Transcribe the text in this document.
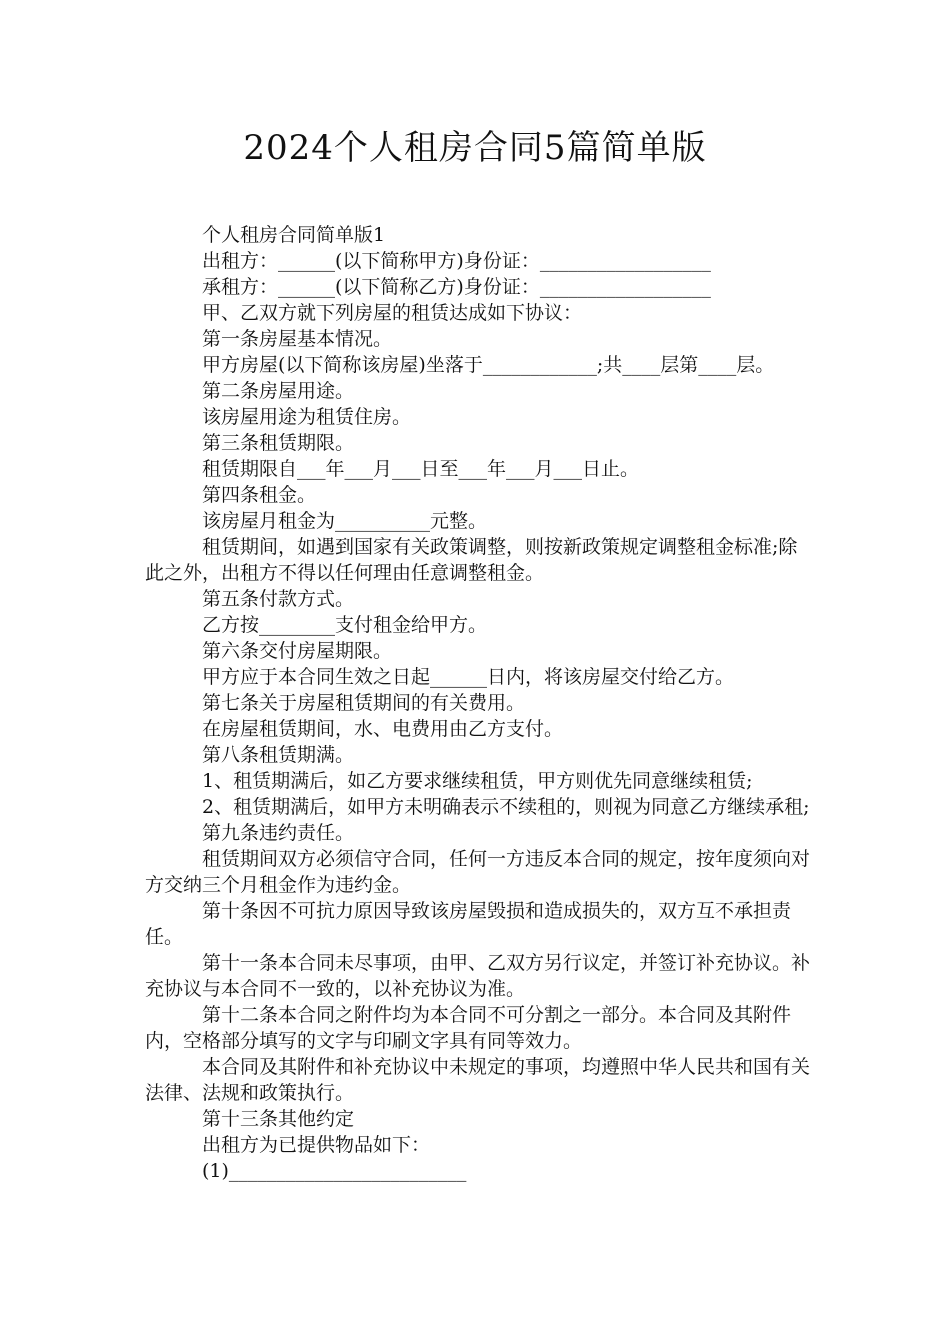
2024个人租房合同5篇简单版

个人租房合同简单版1

出租方：______(以下简称甲方)身份证：__________________

承租方：______(以下简称乙方)身份证：__________________

甲、乙双方就下列房屋的租赁达成如下协议：

第一条房屋基本情况。

甲方房屋(以下简称该房屋)坐落于____________;共____层第____层。

第二条房屋用途。

该房屋用途为租赁住房。

第三条租赁期限。

租赁期限自___年___月___日至___年___月___日止。

第四条租金。

该房屋月租金为__________元整。

租赁期间，如遇到国家有关政策调整，则按新政策规定调整租金标准;除此之外，出租方不得以任何理由任意调整租金。

第五条付款方式。

乙方按________支付租金给甲方。

第六条交付房屋期限。

甲方应于本合同生效之日起______日内，将该房屋交付给乙方。

第七条关于房屋租赁期间的有关费用。

在房屋租赁期间，水、电费用由乙方支付。

第八条租赁期满。

1、租赁期满后，如乙方要求继续租赁，甲方则优先同意继续租赁;

2、租赁期满后，如甲方未明确表示不续租的，则视为同意乙方继续承租;

第九条违约责任。

租赁期间双方必须信守合同，任何一方违反本合同的规定，按年度须向对方交纳三个月租金作为违约金。

第十条因不可抗力原因导致该房屋毁损和造成损失的，双方互不承担责任。

第十一条本合同未尽事项，由甲、乙双方另行议定，并签订补充协议。补充协议与本合同不一致的，以补充协议为准。

第十二条本合同之附件均为本合同不可分割之一部分。本合同及其附件内，空格部分填写的文字与印刷文字具有同等效力。

本合同及其附件和补充协议中未规定的事项，均遵照中华人民共和国有关法律、法规和政策执行。

第十三条其他约定

出租方为已提供物品如下：

(1)_________________________
